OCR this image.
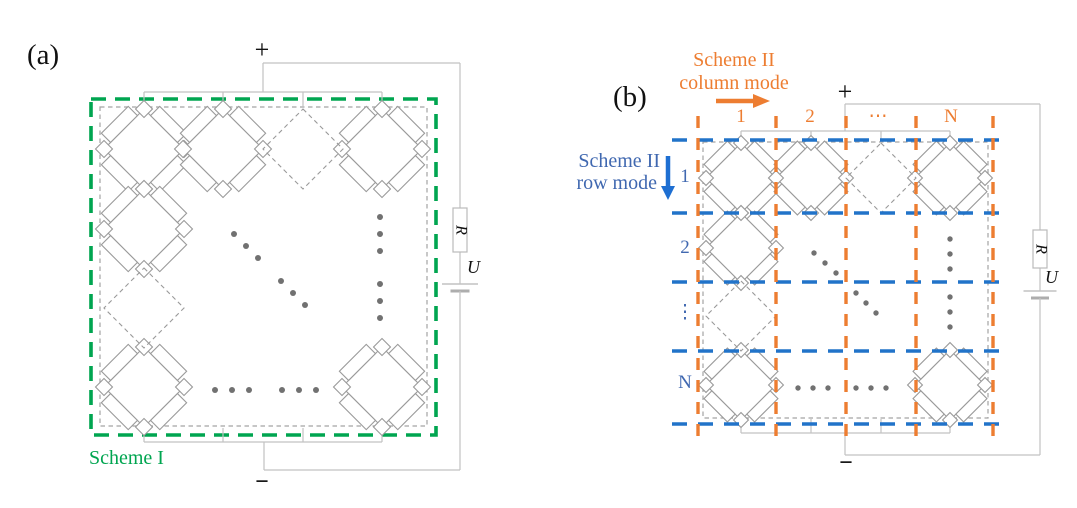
(a)	+
−
Scheme I
R
U
(b)
Scheme II
column mode
Scheme II
row mode
1	2	⋯	N
1
2
⋮
N
+
−
R
U
